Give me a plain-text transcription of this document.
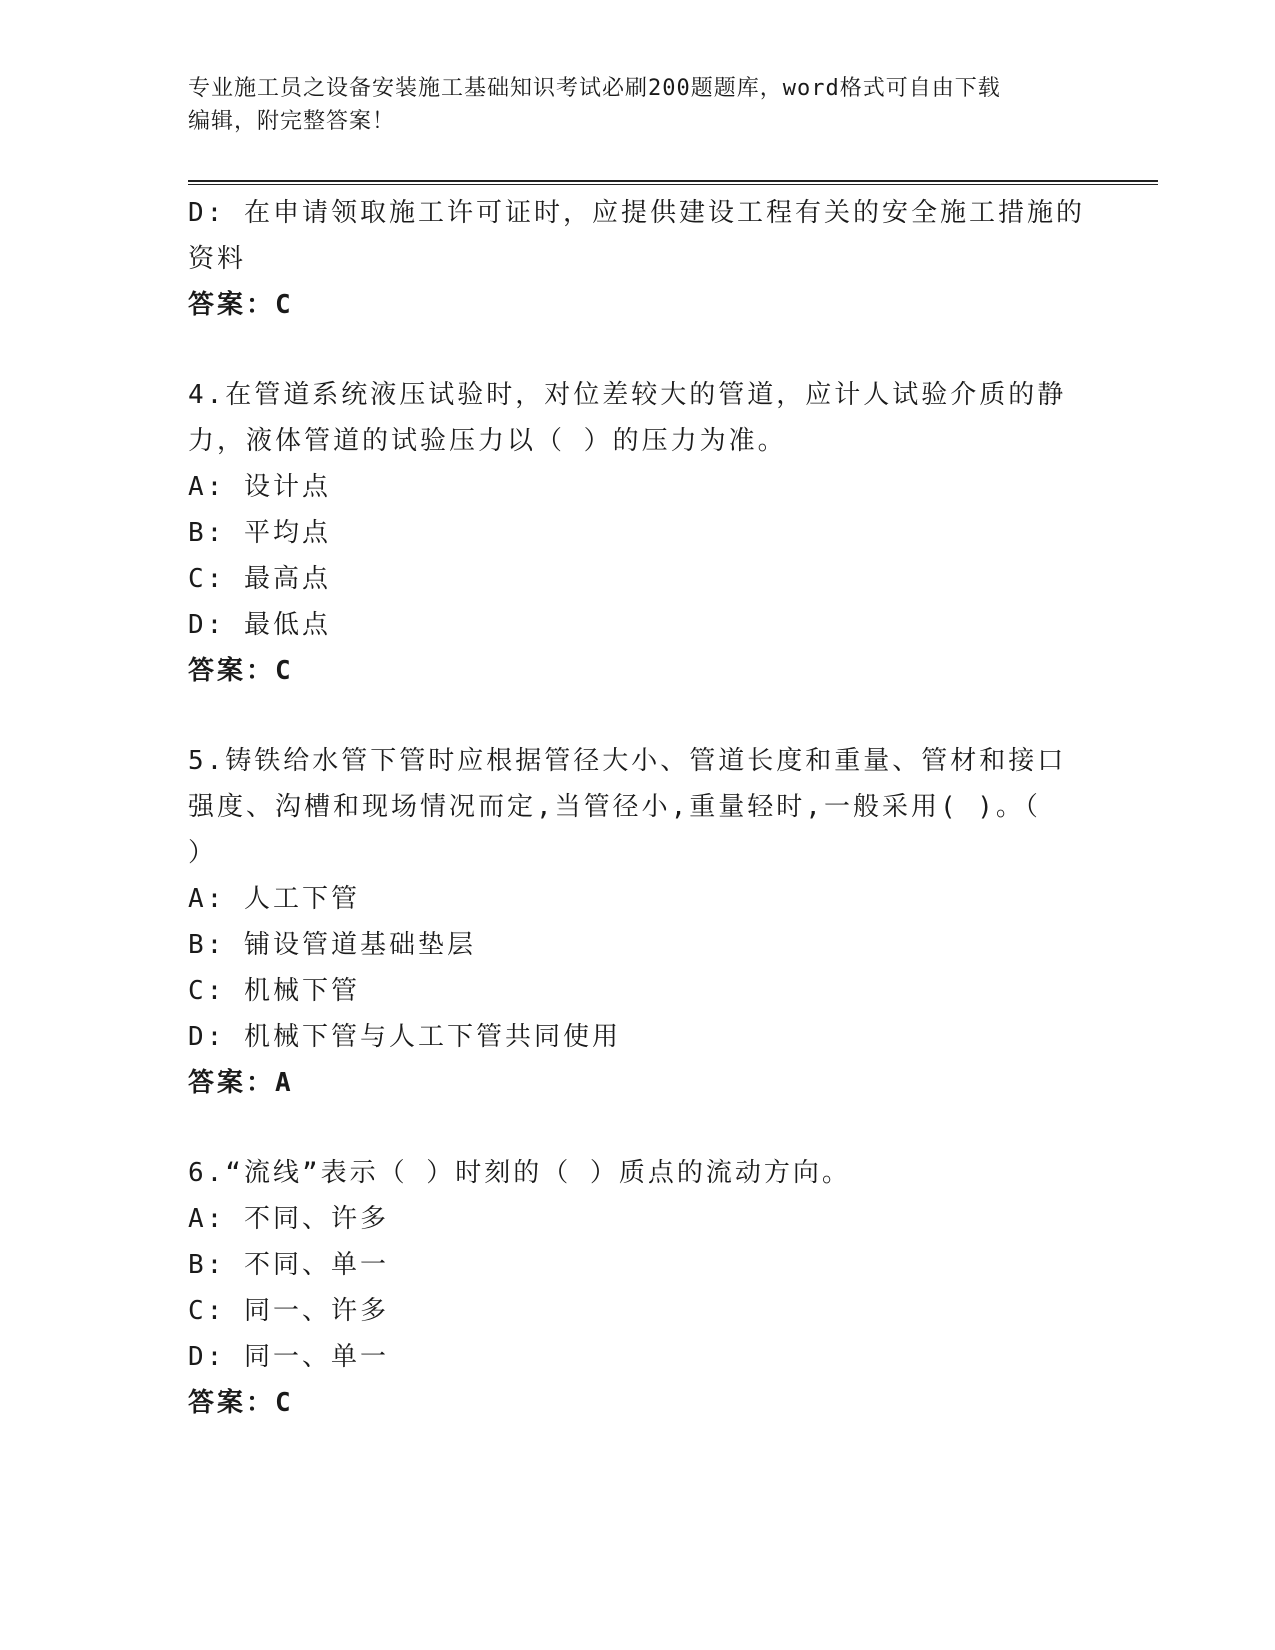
专业施工员之设备安装施工基础知识考试必刷200题题库，word格式可自由下载
编辑，附完整答案！
D: 在申请领取施工许可证时，应提供建设工程有关的安全施工措施的
资料
答案：C
4.在管道系统液压试验时，对位差较大的管道，应计人试验介质的静
力，液体管道的试验压力以（ ）的压力为准。
A: 设计点
B: 平均点
C: 最高点
D: 最低点
答案：C
5.铸铁给水管下管时应根据管径大小、管道长度和重量、管材和接口
强度、沟槽和现场情况而定,当管径小,重量轻时,一般采用( )。（
）
A: 人工下管
B: 铺设管道基础垫层
C: 机械下管
D: 机械下管与人工下管共同使用
答案：A
6.“流线”表示（ ）时刻的（ ）质点的流动方向。
A: 不同、许多
B: 不同、单一
C: 同一、许多
D: 同一、单一
答案：C
